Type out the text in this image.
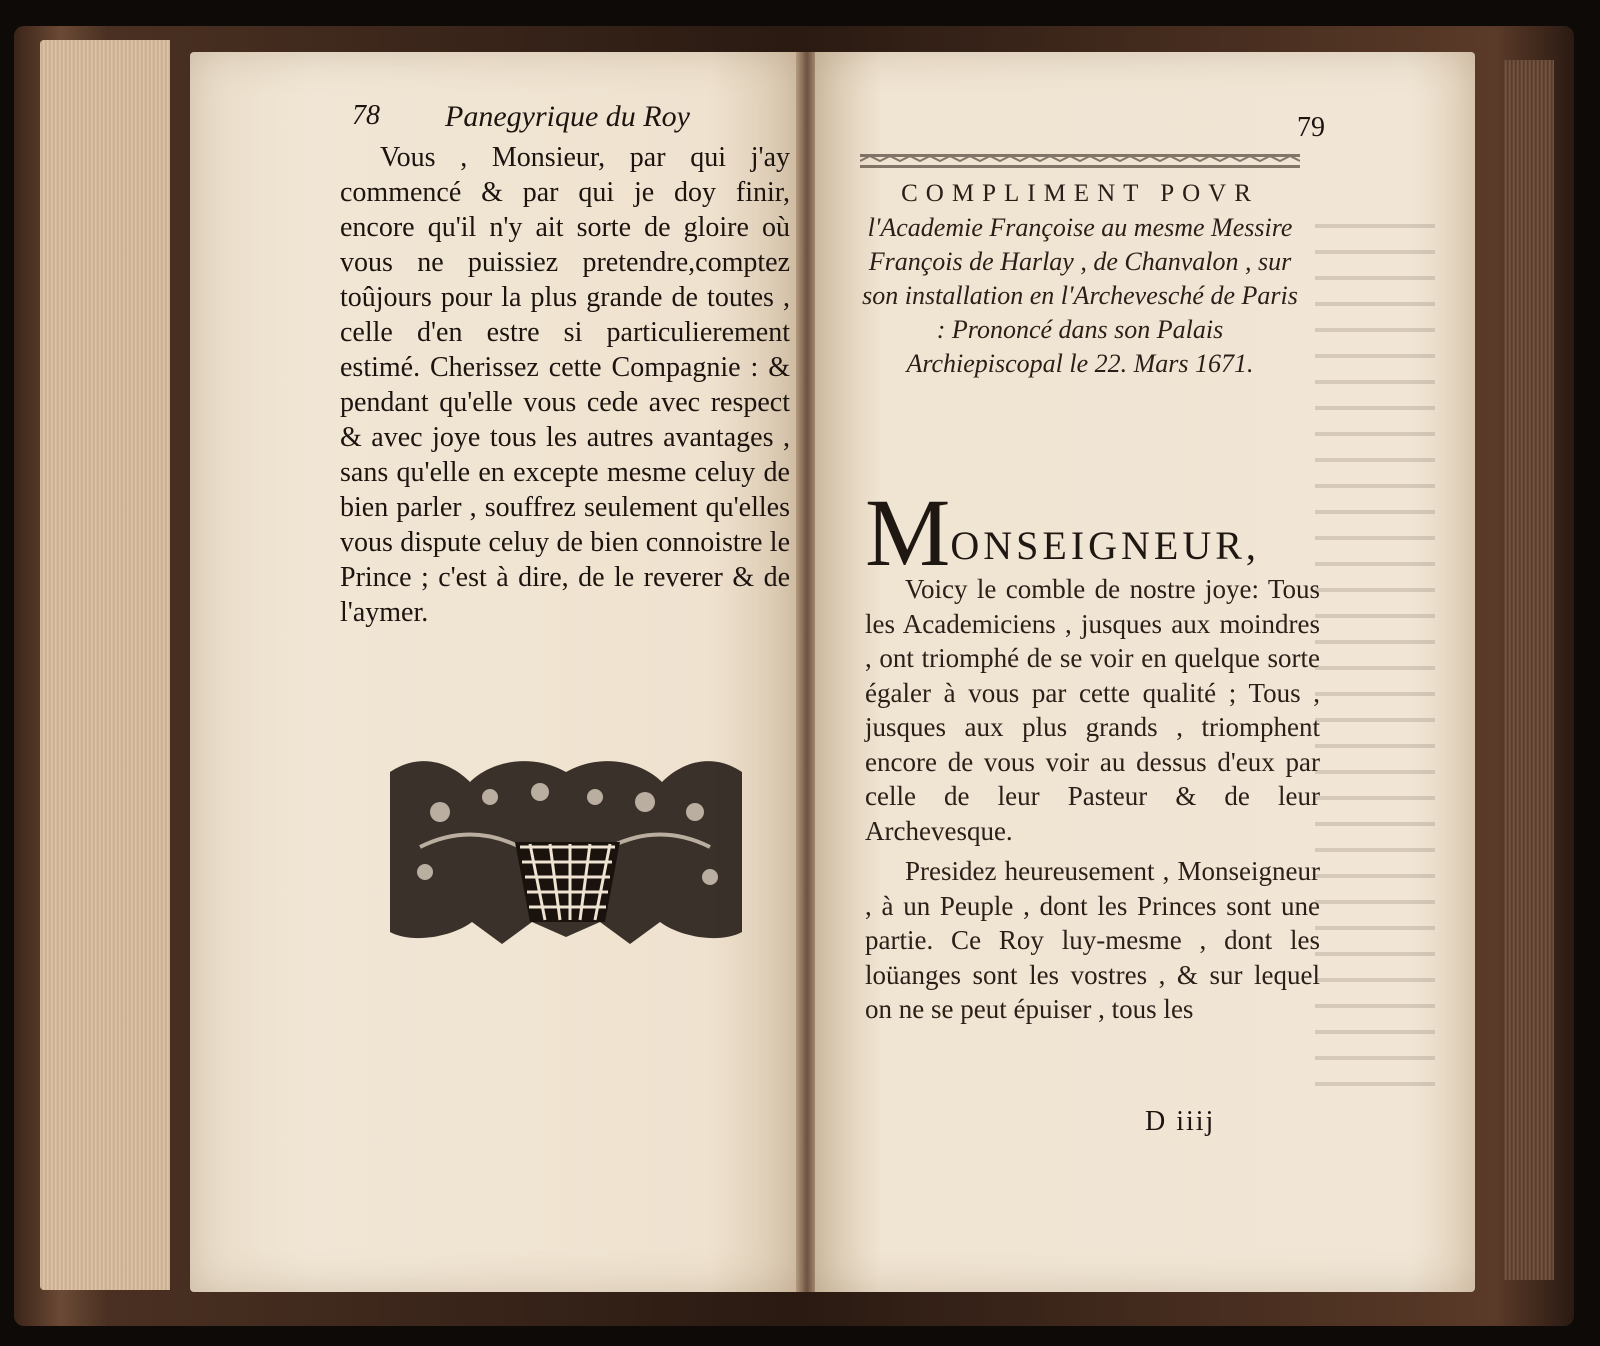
78 Panegyrique du Roy

Vous , Monsieur, par qui j'ay commencé & par qui je doy finir, encore qu'il n'y ait sorte de gloire où vous ne puissiez pretendre,comptez toûjours pour la plus grande de toutes , celle d'en estre si particulierement estimé. Cherissez cette Compagnie : & pendant qu'elle vous cede avec respect & avec joye tous les autres avantages , sans qu'elle en excepte mesme celuy de bien parler , souffrez seulement qu'elles vous dispute celuy de bien connoistre le Prince ; c'est à dire, de le reverer & de l'aymer.

79
COMPLIMENT POVR
l'Academie Françoise au mesme Messire François de Harlay , de Chanvalon , sur son installation en l'Archevesché de Paris : Prononcé dans son Palais Archiepiscopal le 22. Mars 1671.
MONSEIGNEUR,

Voicy le comble de nostre joye: Tous les Academiciens , jusques aux moindres , ont triomphé de se voir en quelque sorte égaler à vous par cette qualité ; Tous , jusques aux plus grands , triomphent encore de vous voir au dessus d'eux par celle de leur Pasteur & de leur Archevesque.

Presidez heureusement , Monseigneur , à un Peuple , dont les Princes sont une partie. Ce Roy luy-mesme , dont les loüanges sont les vostres , & sur lequel on ne se peut épuiser , tous les

D iiij
